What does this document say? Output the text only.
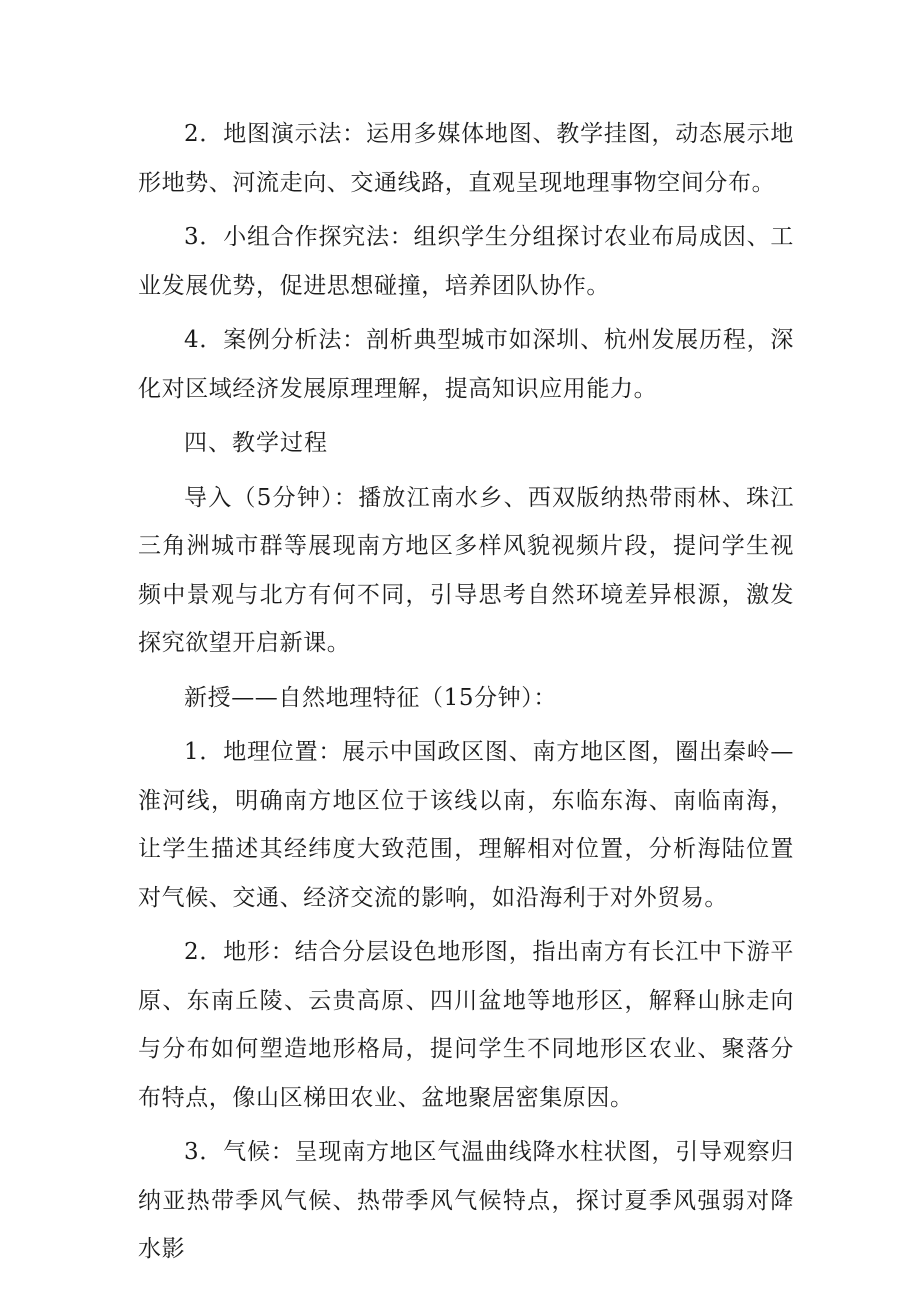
2．地图演示法：运用多媒体地图、教学挂图，动态展示地形地势、河流走向、交通线路，直观呈现地理事物空间分布。

3．小组合作探究法：组织学生分组探讨农业布局成因、工业发展优势，促进思想碰撞，培养团队协作。

4．案例分析法：剖析典型城市如深圳、杭州发展历程，深化对区域经济发展原理理解，提高知识应用能力。

四、教学过程

导入（5分钟）：播放江南水乡、西双版纳热带雨林、珠江三角洲城市群等展现南方地区多样风貌视频片段，提问学生视频中景观与北方有何不同，引导思考自然环境差异根源，激发探究欲望开启新课。

新授——自然地理特征（15分钟）：

1．地理位置：展示中国政区图、南方地区图，圈出秦岭—淮河线，明确南方地区位于该线以南，东临东海、南临南海，让学生描述其经纬度大致范围，理解相对位置，分析海陆位置对气候、交通、经济交流的影响，如沿海利于对外贸易。

2．地形：结合分层设色地形图，指出南方有长江中下游平原、东南丘陵、云贵高原、四川盆地等地形区，解释山脉走向与分布如何塑造地形格局，提问学生不同地形区农业、聚落分布特点，像山区梯田农业、盆地聚居密集原因。

3．气候：呈现南方地区气温曲线降水柱状图，引导观察归纳亚热带季风气候、热带季风气候特点，探讨夏季风强弱对降水影
